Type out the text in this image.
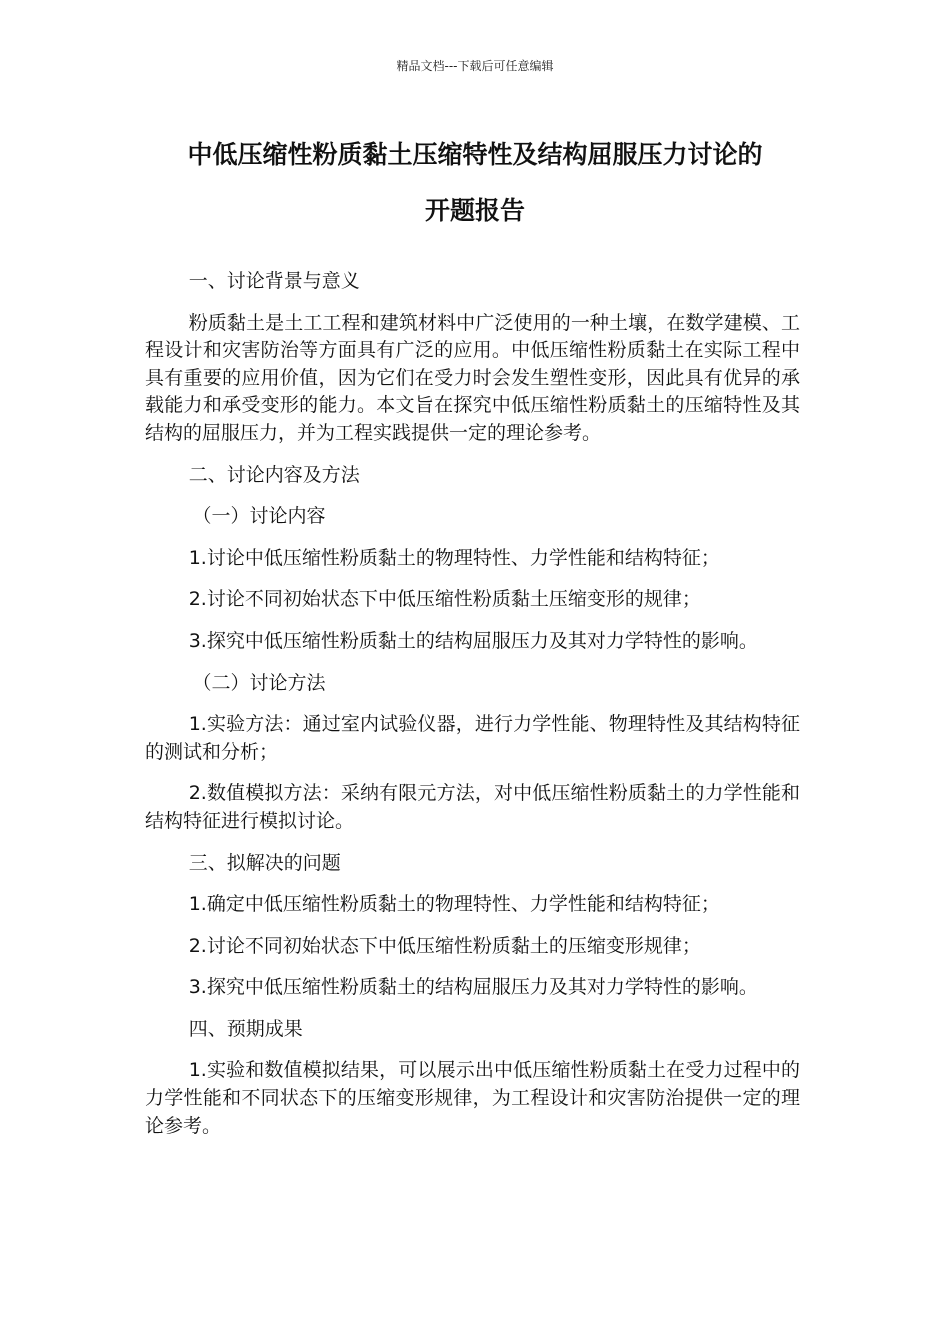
精品文档---下载后可任意编辑
中低压缩性粉质黏土压缩特性及结构屈服压力讨论的
开题报告

一、讨论背景与意义

粉质黏土是土工工程和建筑材料中广泛使用的一种土壤，在数学建模、工程设计和灾害防治等方面具有广泛的应用。中低压缩性粉质黏土在实际工程中具有重要的应用价值，因为它们在受力时会发生塑性变形，因此具有优异的承载能力和承受变形的能力。本文旨在探究中低压缩性粉质黏土的压缩特性及其结构的屈服压力，并为工程实践提供一定的理论参考。

二、讨论内容及方法

（一）讨论内容

1.讨论中低压缩性粉质黏土的物理特性、力学性能和结构特征；

2.讨论不同初始状态下中低压缩性粉质黏土压缩变形的规律；

3.探究中低压缩性粉质黏土的结构屈服压力及其对力学特性的影响。

（二）讨论方法

1.实验方法：通过室内试验仪器，进行力学性能、物理特性及其结构特征的测试和分析；

2.数值模拟方法：采纳有限元方法，对中低压缩性粉质黏土的力学性能和结构特征进行模拟讨论。

三、拟解决的问题

1.确定中低压缩性粉质黏土的物理特性、力学性能和结构特征；

2.讨论不同初始状态下中低压缩性粉质黏土的压缩变形规律；

3.探究中低压缩性粉质黏土的结构屈服压力及其对力学特性的影响。

四、预期成果

1.实验和数值模拟结果，可以展示出中低压缩性粉质黏土在受力过程中的力学性能和不同状态下的压缩变形规律，为工程设计和灾害防治提供一定的理论参考。
